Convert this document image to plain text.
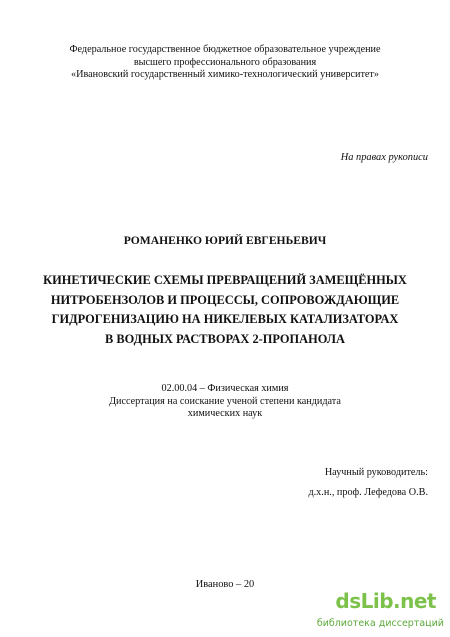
Федеральное государственное бюджетное образовательное учреждение
высшего профессионального образования
«Ивановский государственный химико-технологический университет»
На правах рукописи
РОМАНЕНКО ЮРИЙ ЕВГЕНЬЕВИЧ
КИНЕТИЧЕСКИЕ СХЕМЫ ПРЕВРАЩЕНИЙ ЗАМЕЩЁННЫХ
НИТРОБЕНЗОЛОВ И ПРОЦЕССЫ, СОПРОВОЖДАЮЩИЕ
ГИДРОГЕНИЗАЦИЮ НА НИКЕЛЕВЫХ КАТАЛИЗАТОРАХ
В ВОДНЫХ РАСТВОРАХ 2-ПРОПАНОЛА
02.00.04 – Физическая химия
Диссертация на соискание ученой степени кандидата
химических наук
Научный руководитель:
д.х.н., проф. Лефедова О.В.
Иваново – 20
dsLib.net
библиотека диссертаций
